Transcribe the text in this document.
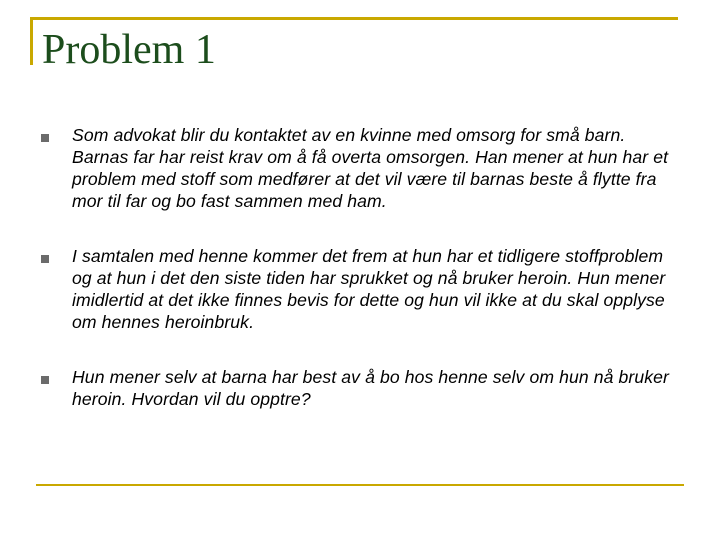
Problem 1
Som advokat blir du kontaktet av en kvinne med omsorg for små barn. Barnas far har reist krav om å få overta omsorgen. Han mener at hun har et problem med stoff som medfører at det vil være til barnas beste å flytte fra mor til far og bo fast sammen med ham.
I samtalen med henne kommer det frem at hun har et tidligere stoffproblem og at hun i det den siste tiden har sprukket og nå bruker heroin. Hun mener imidlertid at det ikke finnes bevis for dette og hun vil ikke at du skal opplyse om hennes heroinbruk.
Hun mener selv at barna har best av å bo hos henne selv om hun nå bruker heroin. Hvordan vil du opptre?
